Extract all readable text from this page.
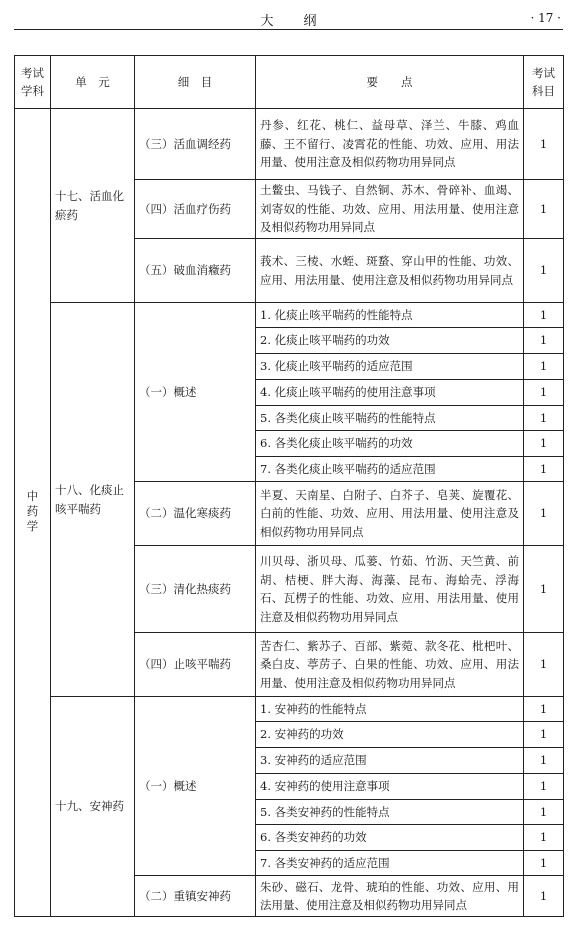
大纲	· 17 ·
考试学科	单　元	细　目	要　　点	考试科目
中药学	十七、活血化瘀药	（三）活血调经药	丹参、红花、桃仁、益母草、泽兰、牛膝、鸡血藤、王不留行、凌霄花的性能、功效、应用、用法用量、使用注意及相似药物功用异同点	1
		（四）活血疗伤药	土鳖虫、马钱子、自然铜、苏木、骨碎补、血竭、刘寄奴的性能、功效、应用、用法用量、使用注意及相似药物功用异同点	1
		（五）破血消癥药	莪术、三棱、水蛭、斑蝥、穿山甲的性能、功效、应用、用法用量、使用注意及相似药物功用异同点	1
	十八、化痰止咳平喘药	（一）概述	1. 化痰止咳平喘药的性能特点	1
			2. 化痰止咳平喘药的功效	1
			3. 化痰止咳平喘药的适应范围	1
			4. 化痰止咳平喘药的使用注意事项	1
			5. 各类化痰止咳平喘药的性能特点	1
			6. 各类化痰止咳平喘药的功效	1
			7. 各类化痰止咳平喘药的适应范围	1
		（二）温化寒痰药	半夏、天南星、白附子、白芥子、皂荚、旋覆花、白前的性能、功效、应用、用法用量、使用注意及相似药物功用异同点	1
		（三）清化热痰药	川贝母、浙贝母、瓜蒌、竹茹、竹沥、天竺黄、前胡、桔梗、胖大海、海藻、昆布、海蛤壳、浮海石、瓦楞子的性能、功效、应用、用法用量、使用注意及相似药物功用异同点	1
		（四）止咳平喘药	苦杏仁、紫苏子、百部、紫菀、款冬花、枇杷叶、桑白皮、葶苈子、白果的性能、功效、应用、用法用量、使用注意及相似药物功用异同点	1
	十九、安神药	（一）概述	1. 安神药的性能特点	1
			2. 安神药的功效	1
			3. 安神药的适应范围	1
			4. 安神药的使用注意事项	1
			5. 各类安神药的性能特点	1
			6. 各类安神药的功效	1
			7. 各类安神药的适应范围	1
		（二）重镇安神药	朱砂、磁石、龙骨、琥珀的性能、功效、应用、用法用量、使用注意及相似药物功用异同点	1
